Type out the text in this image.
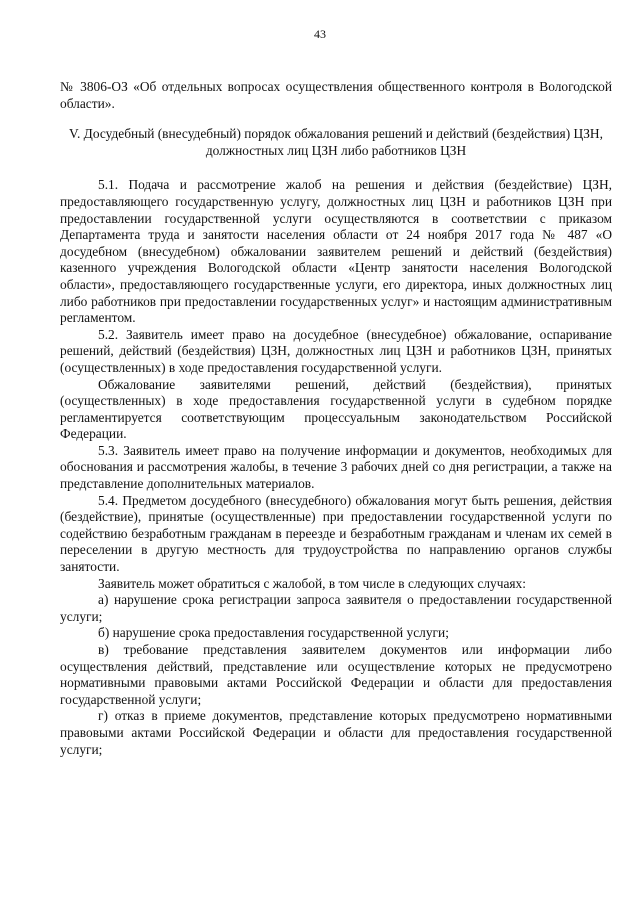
43

№ 3806-ОЗ «Об отдельных вопросах осуществления общественного контроля в Вологодской области».

V. Досудебный (внесудебный) порядок обжалования решений и действий (бездействия) ЦЗН, должностных лиц ЦЗН либо работников ЦЗН

5.1. Подача и рассмотрение жалоб на решения и действия (бездействие) ЦЗН, предоставляющего государственную услугу, должностных лиц ЦЗН и работников ЦЗН при предоставлении государственной услуги осуществляются в соответствии с приказом Департамента труда и занятости населения области от 24 ноября 2017 года № 487 «О досудебном (внесудебном) обжаловании заявителем решений и действий (бездействия) казенного учреждения Вологодской области «Центр занятости населения Вологодской области», предоставляющего государственные услуги, его директора, иных должностных лиц либо работников при предоставлении государственных услуг» и настоящим административным регламентом.

5.2. Заявитель имеет право на досудебное (внесудебное) обжалование, оспаривание решений, действий (бездействия) ЦЗН, должностных лиц ЦЗН и работников ЦЗН, принятых (осуществленных) в ходе предоставления государственной услуги.

Обжалование заявителями решений, действий (бездействия), принятых (осуществленных) в ходе предоставления государственной услуги в судебном порядке регламентируется соответствующим процессуальным законодательством Российской Федерации.

5.3. Заявитель имеет право на получение информации и документов, необходимых для обоснования и рассмотрения жалобы, в течение 3 рабочих дней со дня регистрации, а также на представление дополнительных материалов.

5.4. Предметом досудебного (внесудебного) обжалования могут быть решения, действия (бездействие), принятые (осуществленные) при предоставлении государственной услуги по содействию безработным гражданам в переезде и безработным гражданам и членам их семей в переселении в другую местность для трудоустройства по направлению органов службы занятости.

Заявитель может обратиться с жалобой, в том числе в следующих случаях:

а) нарушение срока регистрации запроса заявителя о предоставлении государственной услуги;

б) нарушение срока предоставления государственной услуги;

в) требование представления заявителем документов или информации либо осуществления действий, представление или осуществление которых не предусмотрено нормативными правовыми актами Российской Федерации и области для предоставления государственной услуги;

г) отказ в приеме документов, представление которых предусмотрено нормативными правовыми актами Российской Федерации и области для предоставления государственной услуги;
